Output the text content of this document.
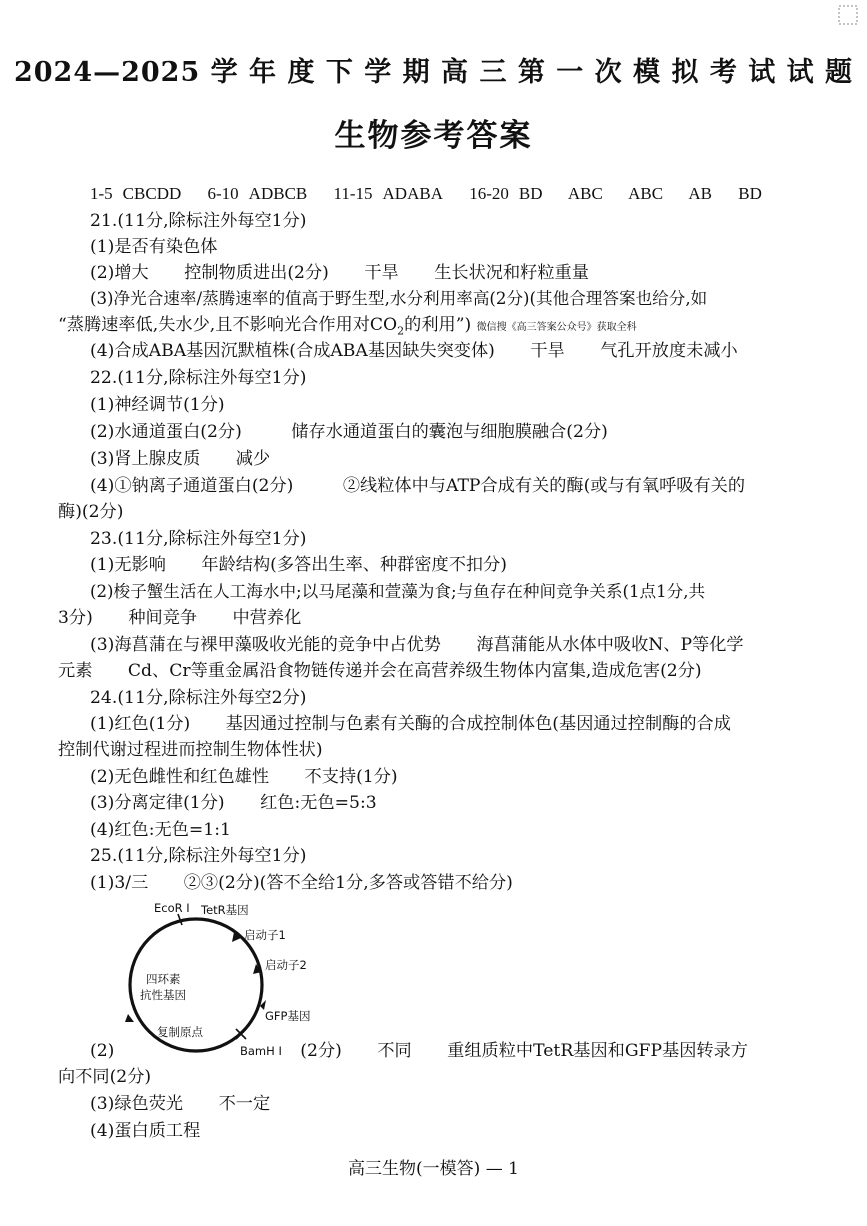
2024—2025 学 年 度 下 学 期 高 三 第 一 次 模 拟 考 试 试 题
生物参考答案
1-5 CBCDD 6-10 ADBCB 11-15 ADABA 16-20 BD ABC ABC AB BD
21.(11分,除标注外每空1分)
(1)是否有染色体
(2)增大 控制物质进出(2分) 干旱 生长状况和籽粒重量
(3)净光合速率/蒸腾速率的值高于野生型,水分利用率高(2分)(其他合理答案也给分,如
“蒸腾速率低,失水少,且不影响光合作用对$CO_2$的利用”) 微信搜《高三答案公众号》获取全科
(4)合成ABA基因沉默植株(合成ABA基因缺失突变体) 干旱 气孔开放度未减小
22.(11分,除标注外每空1分)
(1)神经调节(1分)
(2)水通道蛋白(2分)	储存水通道蛋白的囊泡与细胞膜融合(2分)
(3)肾上腺皮质 减少
(4)①钠离子通道蛋白(2分)	②线粒体中与ATP合成有关的酶(或与有氧呼吸有关的
酶)(2分)
23.(11分,除标注外每空1分)
(1)无影响 年龄结构(多答出生率、种群密度不扣分)
(2)梭子蟹生活在人工海水中;以马尾藻和萱藻为食;与鱼存在种间竞争关系(1点1分,共
3分) 种间竞争 中营养化
(3)海菖蒲在与裸甲藻吸收光能的竞争中占优势 海菖蒲能从水体中吸收N、P等化学
元素 Cd、Cr等重金属沿食物链传递并会在高营养级生物体内富集,造成危害(2分)
24.(11分,除标注外每空2分)
(1)红色(1分) 基因通过控制与色素有关酶的合成控制体色(基因通过控制酶的合成
控制代谢过程进而控制生物体性状)
(2)无色雌性和红色雄性 不支持(1分)
(3)分离定律(1分) 红色:无色=5:3
(4)红色:无色=1:1
25.(11分,除标注外每空1分)
(1)3/三 ②③(2分)(答不全给1分,多答或答错不给分)
EcoR Ⅰ TetR基因
启动子1
启动子2
GFP基因
BamH Ⅰ
四环素
抗性基因
复制原点
(2)	(2分) 不同 重组质粒中TetR基因和GFP基因转录方
向不同(2分)
(3)绿色荧光 不一定
(4)蛋白质工程
高三生物(一模答) — 1
